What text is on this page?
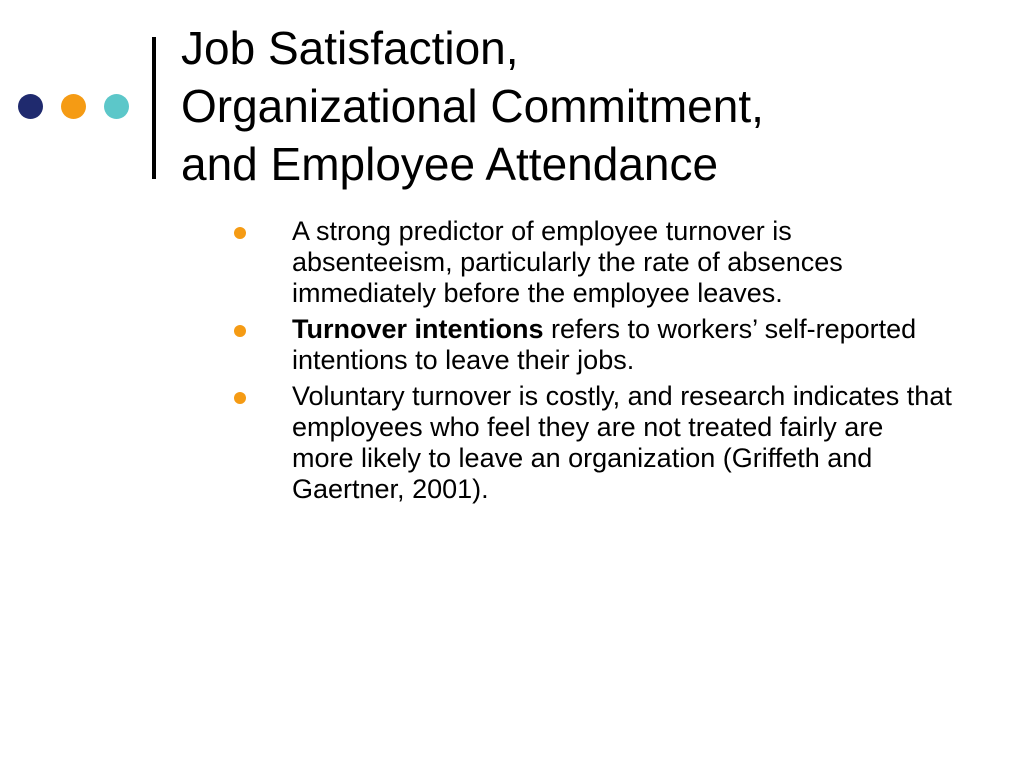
Job Satisfaction,
Organizational Commitment,
and Employee Attendance
A strong predictor of employee turnover is absenteeism, particularly the rate of absences immediately before the employee leaves.
Turnover intentions refers to workers’ self-reported intentions to leave their jobs.
Voluntary turnover is costly, and research indicates that employees who feel they are not treated fairly are more likely to leave an organization (Griffeth and Gaertner, 2001).
